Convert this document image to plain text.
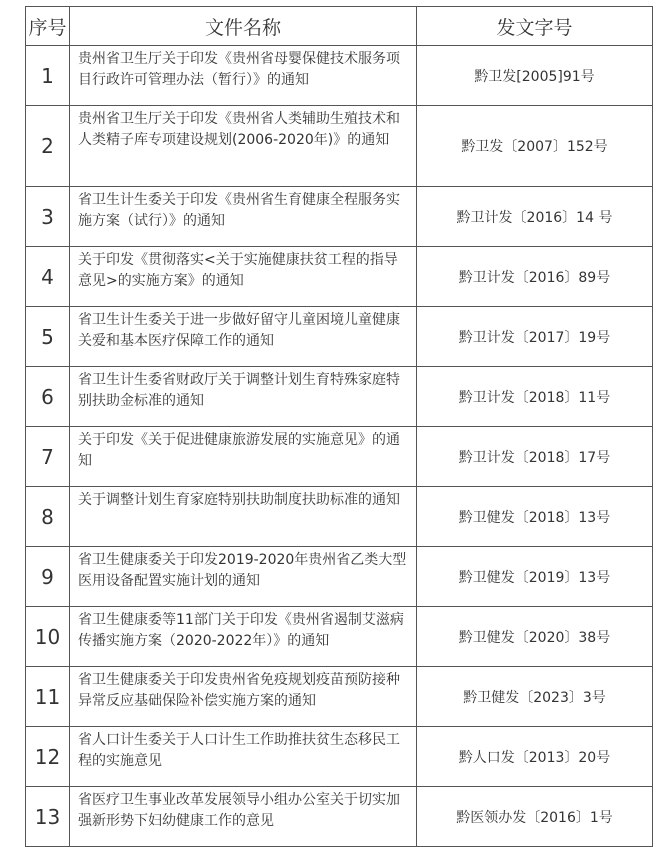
序号	文件名称	发文字号
1	贵州省卫生厅关于印发《贵州省母婴保健技术服务项目行政许可管理办法（暂行）》的通知	黔卫发[2005]91号
2	贵州省卫生厅关于印发《贵州省人类辅助生殖技术和人类精子库专项建设规划(2006-2020年)》的通知	黔卫发〔2007〕152号
3	省卫生计生委关于印发《贵州省生育健康全程服务实施方案（试行）》的通知	黔卫计发〔2016〕14 号
4	关于印发《贯彻落实<关于实施健康扶贫工程的指导意见>的实施方案》的通知	黔卫计发〔2016〕89号
5	省卫生计生委关于进一步做好留守儿童困境儿童健康关爱和基本医疗保障工作的通知	黔卫计发〔2017〕19号
6	省卫生计生委省财政厅关于调整计划生育特殊家庭特别扶助金标准的通知	黔卫计发〔2018〕11号
7	关于印发《关于促进健康旅游发展的实施意见》的通知	黔卫计发〔2018〕17号
8	关于调整计划生育家庭特别扶助制度扶助标准的通知	黔卫健发〔2018〕13号
9	省卫生健康委关于印发2019-2020年贵州省乙类大型医用设备配置实施计划的通知	黔卫健发〔2019〕13号
10	省卫生健康委等11部门关于印发《贵州省遏制艾滋病传播实施方案（2020-2022年）》的通知	黔卫健发〔2020〕38号
11	省卫生健康委关于印发贵州省免疫规划疫苗预防接种异常反应基础保险补偿实施方案的通知	黔卫健发〔2023〕3号
12	省人口计生委关于人口计生工作助推扶贫生态移民工程的实施意见	黔人口发〔2013〕20号
13	省医疗卫生事业改革发展领导小组办公室关于切实加强新形势下妇幼健康工作的意见	黔医领办发〔2016〕1号
